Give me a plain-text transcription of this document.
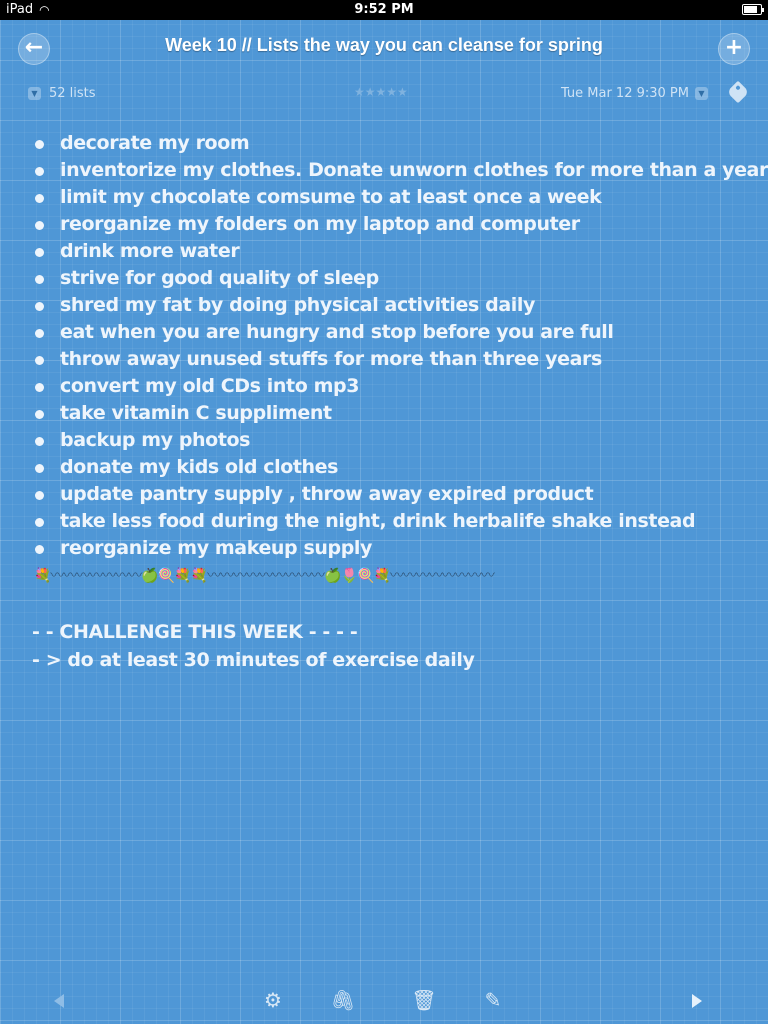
iPad ◠	9:52 PM
←	Week 10 // Lists the way you can cleanse for spring	+
▼ 52 lists	★★★★★	Tue Mar 12 9:30 PM	▼
decorate my room
inventorize my clothes. Donate unworn clothes for more than a year
limit my chocolate comsume to at least once a week
reorganize my folders on my laptop and computer
drink more water
strive for good quality of sleep
shred my fat by doing physical activities daily
eat when you are hungry and stop before you are full
throw away unused stuffs for more than three years
convert my old CDs into mp3
take vitamin C suppliment
backup my photos
donate my kids old clothes
update pantry supply , throw away expired product
take less food during the night, drink herbalife shake instead
reorganize my makeup supply
💐〰〰〰〰〰〰〰🍏🍭💐💐〰〰〰〰〰〰〰〰〰🍏🌷🍭💐〰〰〰〰〰〰〰〰
- - CHALLENGE THIS WEEK - - - -
- > do at least 30 minutes of exercise daily
⚙ 🖇	🗑 ✎
